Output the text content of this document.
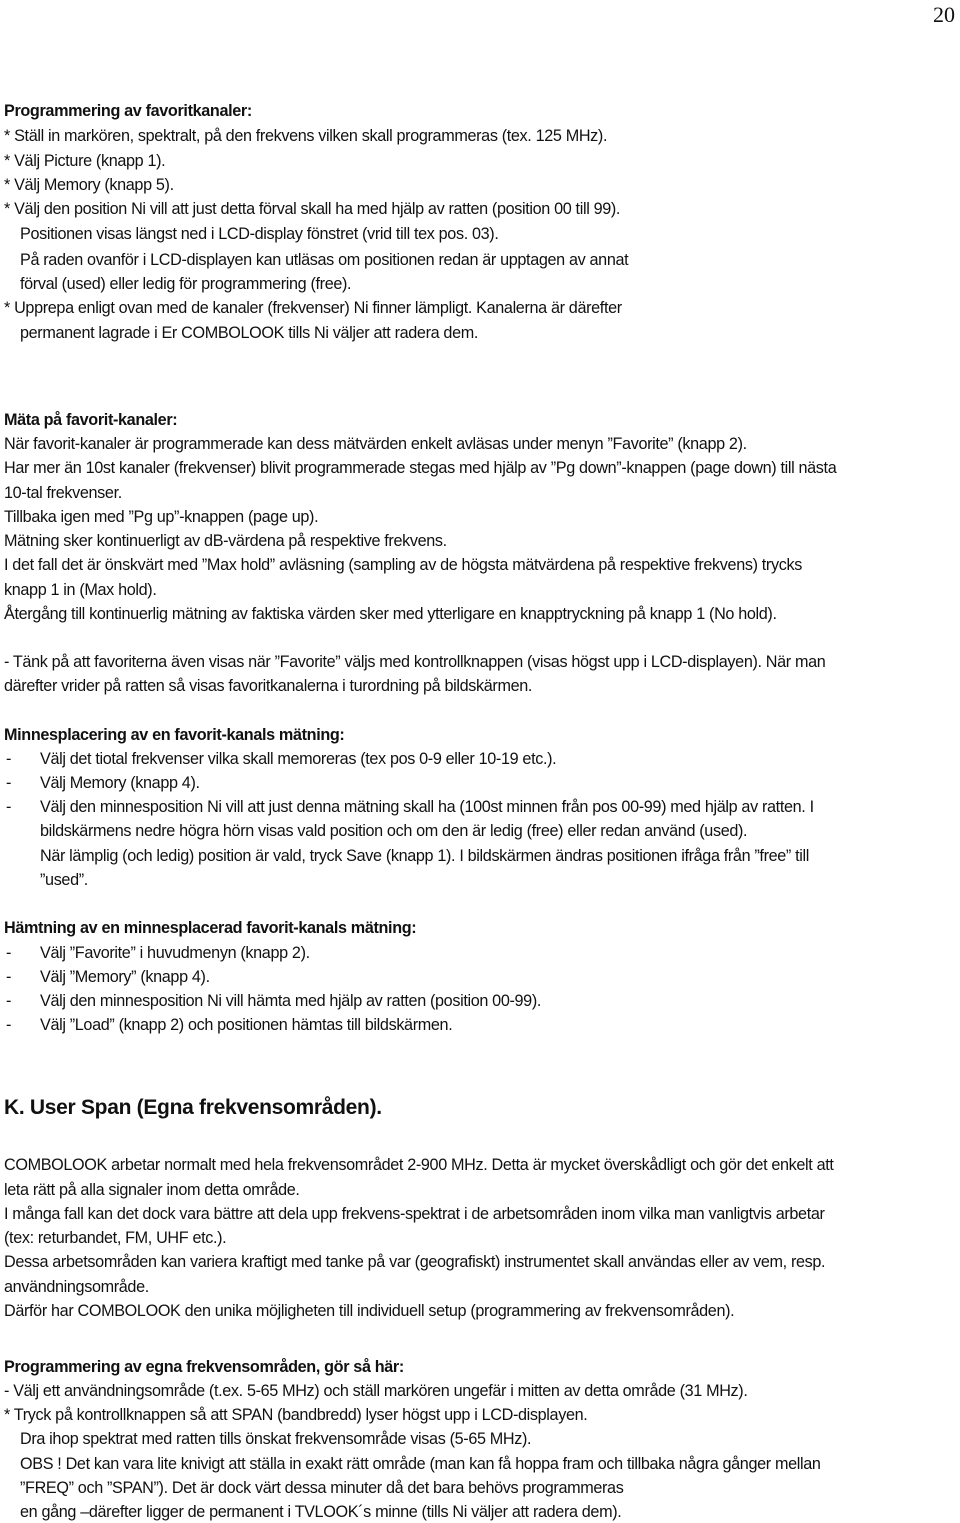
20
Programmering av favoritkanaler:
* Ställ in markören, spektralt, på den frekvens vilken skall programmeras (tex. 125 MHz).
* Välj Picture (knapp 1).
* Välj Memory (knapp 5).
* Välj den position Ni vill att just detta förval skall ha med hjälp av ratten (position 00 till 99).
Positionen visas längst ned i LCD-display fönstret (vrid till tex pos. 03).
På raden ovanför i LCD-displayen kan utläsas om positionen redan är upptagen av annat
förval (used) eller ledig för programmering (free).
* Upprepa enligt ovan med de kanaler (frekvenser) Ni finner lämpligt. Kanalerna är därefter
permanent lagrade i Er COMBOLOOK tills Ni väljer att radera dem.
Mäta på favorit-kanaler:
När favorit-kanaler är programmerade kan dess mätvärden enkelt avläsas under menyn ”Favorite” (knapp 2).
Har mer än 10st kanaler (frekvenser) blivit programmerade stegas med hjälp av ”Pg down”-knappen (page down) till nästa
10-tal frekvenser.
Tillbaka igen med ”Pg up”-knappen (page up).
Mätning sker kontinuerligt av dB-värdena på respektive frekvens.
I det fall det är önskvärt med ”Max hold” avläsning (sampling av de högsta mätvärdena på respektive frekvens) trycks
knapp 1 in (Max hold).
Återgång till kontinuerlig mätning av faktiska värden sker med ytterligare en knapptryckning på knapp 1 (No hold).
- Tänk på att favoriterna även visas när ”Favorite” väljs med kontrollknappen (visas högst upp i LCD-displayen). När man
därefter vrider på ratten så visas favoritkanalerna i turordning på bildskärmen.
Minnesplacering av en favorit-kanals mätning:
- Välj det tiotal frekvenser vilka skall memoreras (tex pos 0-9 eller 10-19 etc.).
- Välj Memory (knapp 4).
- Välj den minnesposition Ni vill att just denna mätning skall ha (100st minnen från pos 00-99) med hjälp av ratten. I
bildskärmens nedre högra hörn visas vald position och om den är ledig (free) eller redan använd (used).
När lämplig (och ledig) position är vald, tryck Save (knapp 1). I bildskärmen ändras positionen ifråga från ”free” till
”used”.
Hämtning av en minnesplacerad favorit-kanals mätning:
- Välj ”Favorite” i huvudmenyn (knapp 2).
- Välj ”Memory” (knapp 4).
- Välj den minnesposition Ni vill hämta med hjälp av ratten (position 00-99).
- Välj ”Load” (knapp 2) och positionen hämtas till bildskärmen.
K. User Span (Egna frekvensområden).
COMBOLOOK arbetar normalt med hela frekvensområdet 2-900 MHz. Detta är mycket överskådligt och gör det enkelt att
leta rätt på alla signaler inom detta område.
I många fall kan det dock vara bättre att dela upp frekvens-spektrat i de arbetsområden inom vilka man vanligtvis arbetar
(tex: returbandet, FM, UHF etc.).
Dessa arbetsområden kan variera kraftigt med tanke på var (geografiskt) instrumentet skall användas eller av vem, resp.
användningsområde.
Därför har COMBOLOOK den unika möjligheten till individuell setup (programmering av frekvensområden).
Programmering av egna frekvensområden, gör så här:
- Välj ett användningsområde (t.ex. 5-65 MHz) och ställ markören ungefär i mitten av detta område (31 MHz).
* Tryck på kontrollknappen så att SPAN (bandbredd) lyser högst upp i LCD-displayen.
Dra ihop spektrat med ratten tills önskat frekvensområde visas (5-65 MHz).
OBS ! Det kan vara lite knivigt att ställa in exakt rätt område (man kan få hoppa fram och tillbaka några gånger mellan
”FREQ” och ”SPAN”). Det är dock värt dessa minuter då det bara behövs programmeras
en gång –därefter ligger de permanent i TVLOOK´s minne (tills Ni väljer att radera dem).
